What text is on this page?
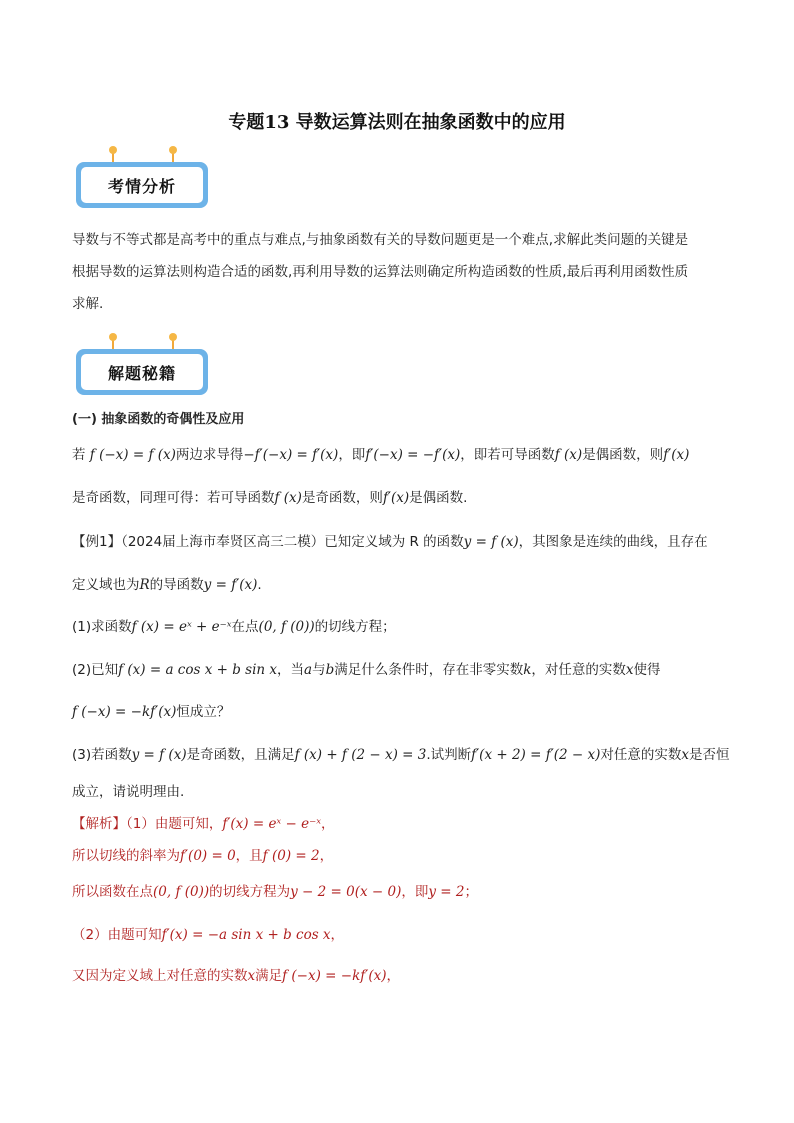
专题13 导数运算法则在抽象函数中的应用
考情分析
导数与不等式都是高考中的重点与难点,与抽象函数有关的导数问题更是一个难点,求解此类问题的关键是
根据导数的运算法则构造合适的函数,再利用导数的运算法则确定所构造函数的性质,最后再利用函数性质
求解.
解题秘籍
(一) 抽象函数的奇偶性及应用
若 f (−x) = f (x)两边求导得−f′(−x) = f′(x)，即f′(−x) = −f′(x)，即若可导函数f (x)是偶函数，则f′(x)
是奇函数，同理可得：若可导函数f (x)是奇函数，则f′(x)是偶函数.
【例1】（2024届上海市奉贤区高三二模）已知定义域为 R 的函数y = f (x)，其图象是连续的曲线，且存在
定义域也为R的导函数y = f′(x).
(1)求函数f (x) = eˣ + e⁻ˣ在点(0, f (0))的切线方程；
(2)已知f (x) = a cos x + b sin x，当a与b满足什么条件时，存在非零实数k，对任意的实数x使得
f (−x) = −kf′(x)恒成立？
(3)若函数y = f (x)是奇函数，且满足f (x) + f (2 − x) = 3.试判断f′(x + 2) = f′(2 − x)对任意的实数x是否恒
成立，请说明理由.
【解析】（1）由题可知，f′(x) = eˣ − e⁻ˣ，
所以切线的斜率为f′(0) = 0，且f (0) = 2，
所以函数在点(0, f (0))的切线方程为y − 2 = 0(x − 0)，即y = 2；
（2）由题可知f′(x) = −a sin x + b cos x，
又因为定义域上对任意的实数x满足f (−x) = −kf′(x)，
